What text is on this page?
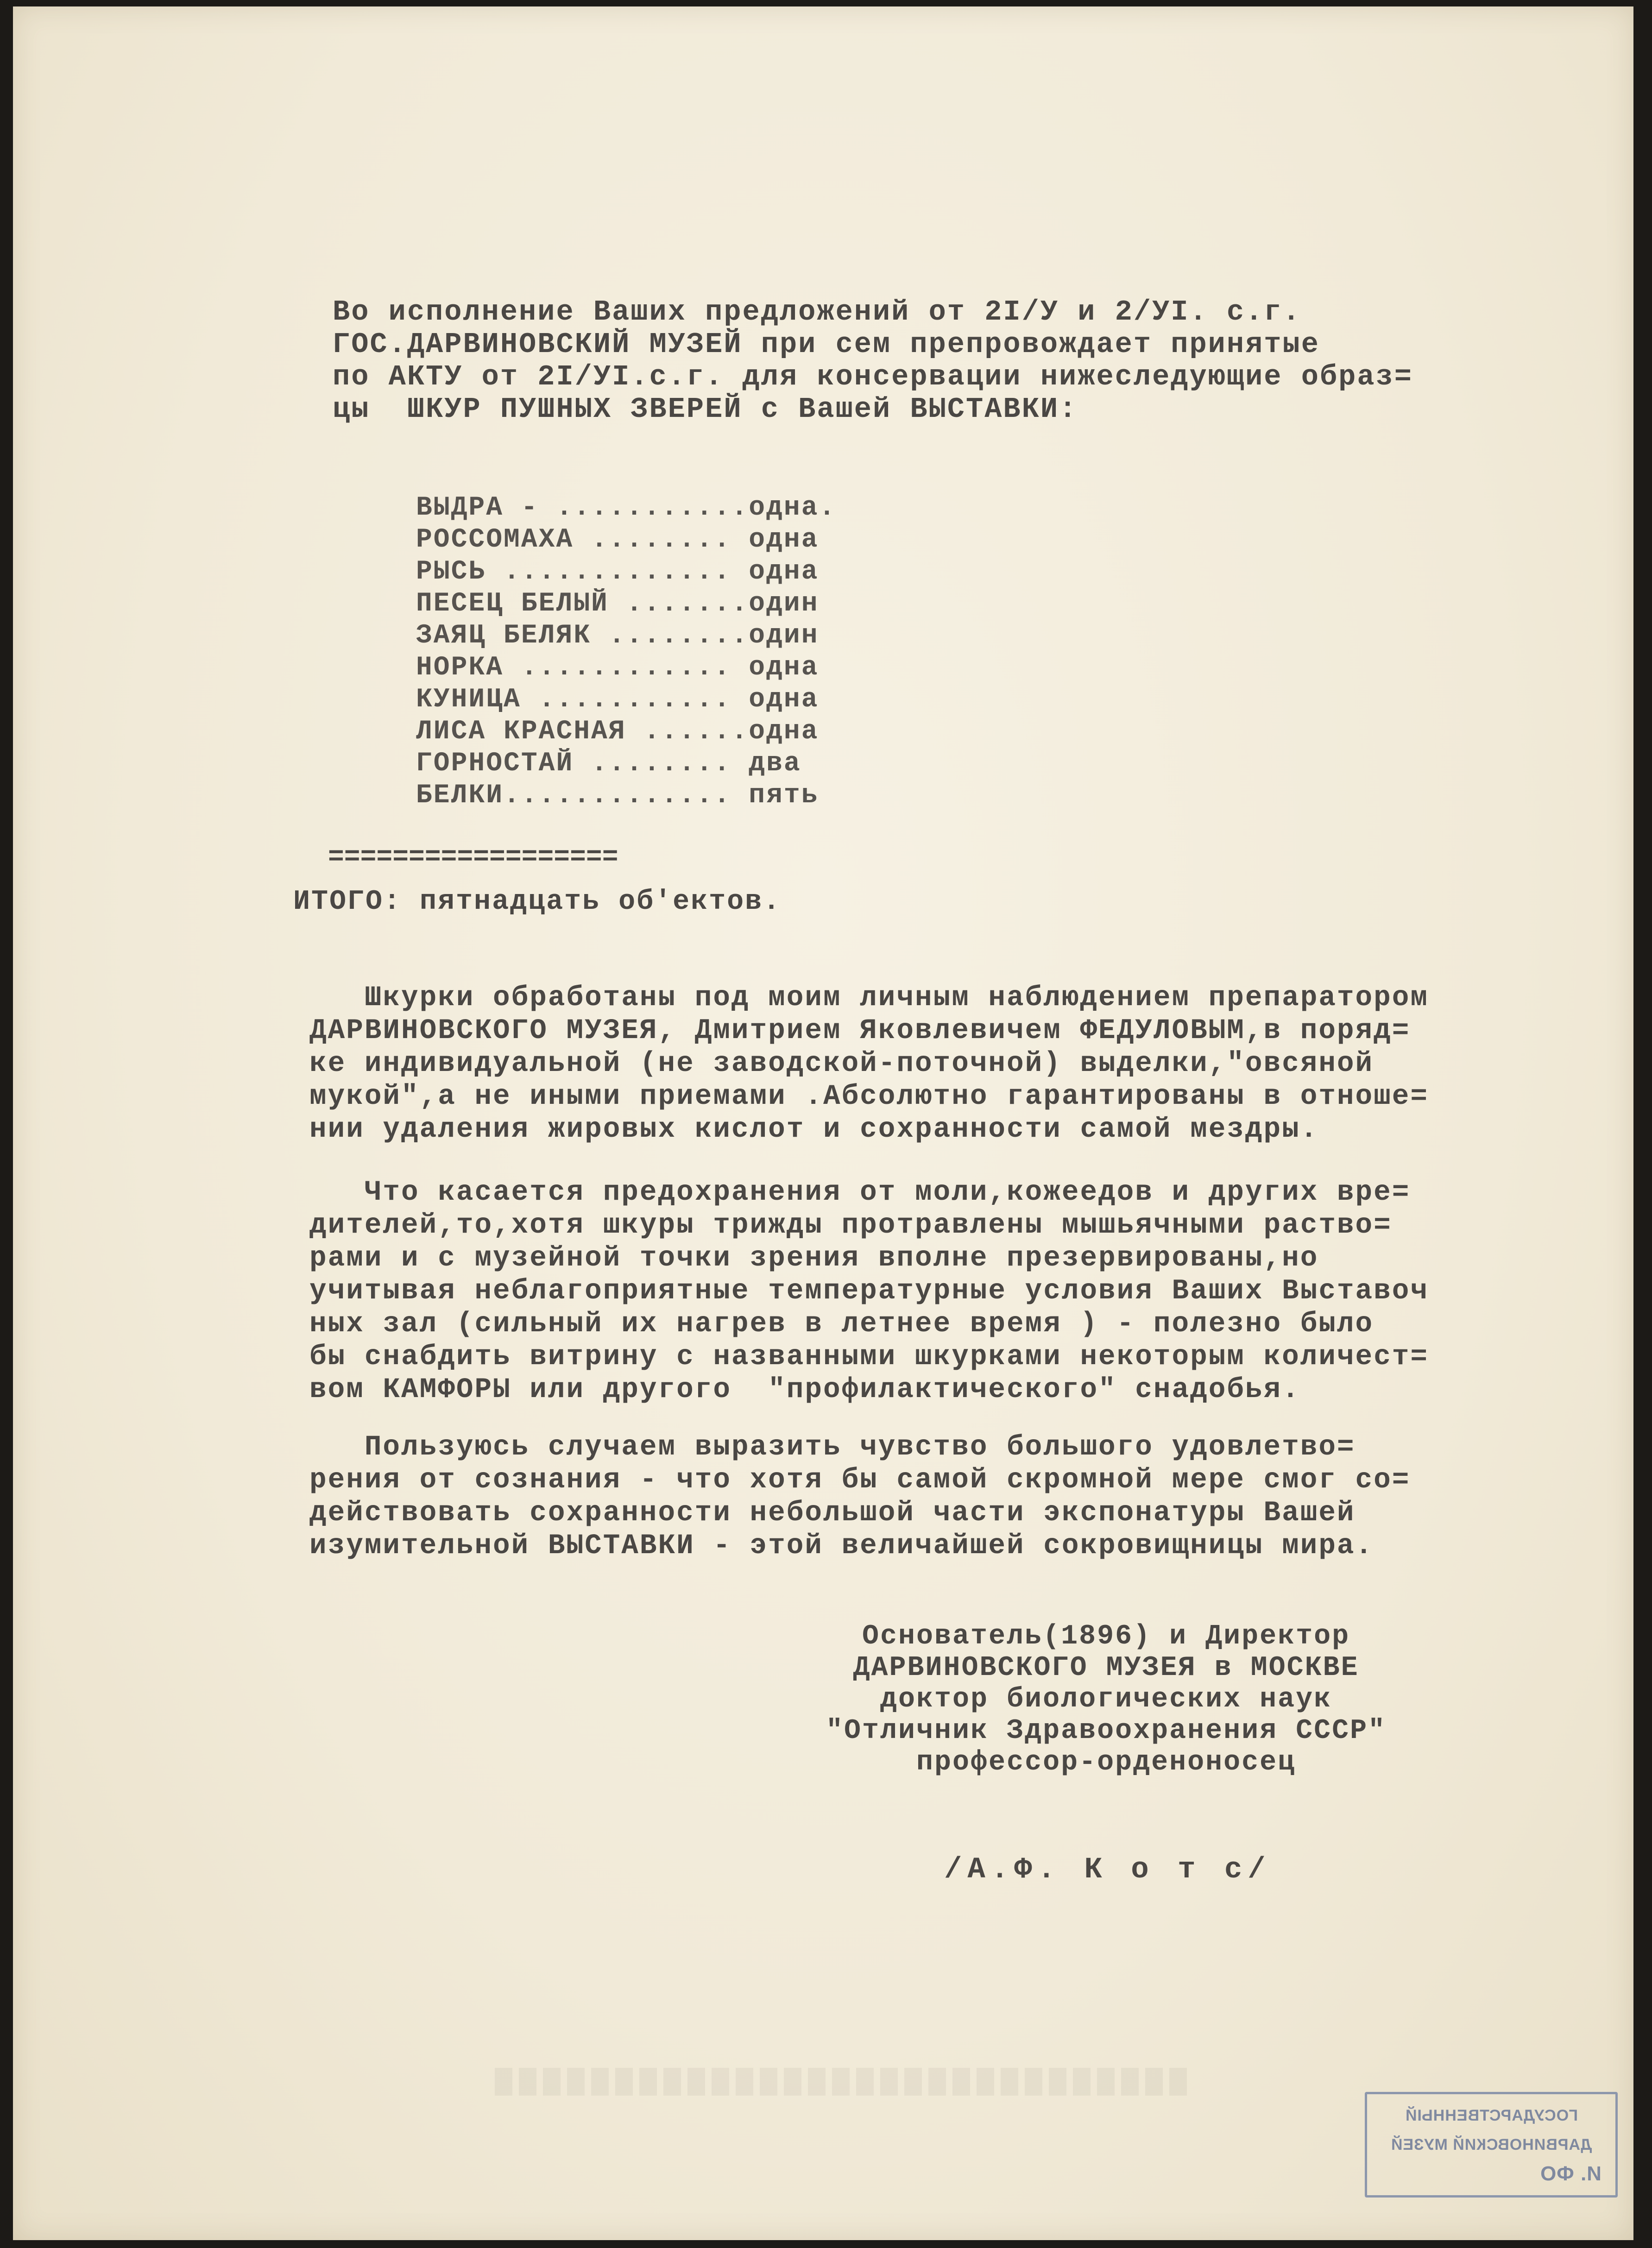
Во исполнение Ваших предложений от 2I/У и 2/УI. с.г.
ГОС.ДАРВИНОВСКИЙ МУЗЕЙ при сем препровождает принятые
по АКТУ от 2I/УI.с.г. для консервации нижеследующие образ=
цы  ШКУР ПУШНЫХ ЗВЕРЕЙ с Вашей ВЫСТАВКИ:

ВЫДРА - ...........одна.
РОССОМАХА ........ одна
РЫСЬ ............. одна
ПЕСЕЦ БЕЛЫЙ .......один
ЗАЯЦ БЕЛЯК ........один
НОРКА ............ одна
КУНИЦА ........... одна
ЛИСА КРАСНАЯ ......одна
ГОРНОСТАЙ ........ два
БЕЛКИ............. пять

==================

ИТОГО: пятнадцать об'ектов.

Шкурки обработаны под моим личным наблюдением препаратором
ДАРВИНОВСКОГО МУЗЕЯ, Дмитрием Яковлевичем ФЕДУЛОВЫМ,в поряд=
ке индивидуальной (не заводской-поточной) выделки,"овсяной
мукой",а не иными приемами .Абсолютно гарантированы в отноше=
нии удаления жировых кислот и сохранности самой мездры.

Что касается предохранения от моли,кожеедов и других вре=
дителей,то,хотя шкуры трижды протравлены мышьячными раство=
рами и с музейной точки зрения вполне презервированы,но
учитывая неблагоприятные температурные условия Ваших Выставоч
ных зал (сильный их нагрев в летнее время ) - полезно было
бы снабдить витрину с названными шкурками некоторым количест=
вом КАМФОРЫ или другого  "профилактического" снадобья.

Пользуюсь случаем выразить чувство большого удовлетво=
рения от сознания - что хотя бы самой скромной мере смог со=
действовать сохранности небольшой части экспонатуры Вашей
изумительной ВЫСТАВКИ - этой величайшей сокровищницы мира.

Основатель(1896) и Директор
ДАРВИНОВСКОГО МУЗЕЯ в МОСКВЕ
доктор биологических наук
"Отличник Здравоохранения СССР"
профессор-орденоносец

/А.Ф. К о т с/

ГОСУДАРСТВЕННЫЙ
ДАРВИНОВСКИЙ МУЗЕЙ
И. ФО
